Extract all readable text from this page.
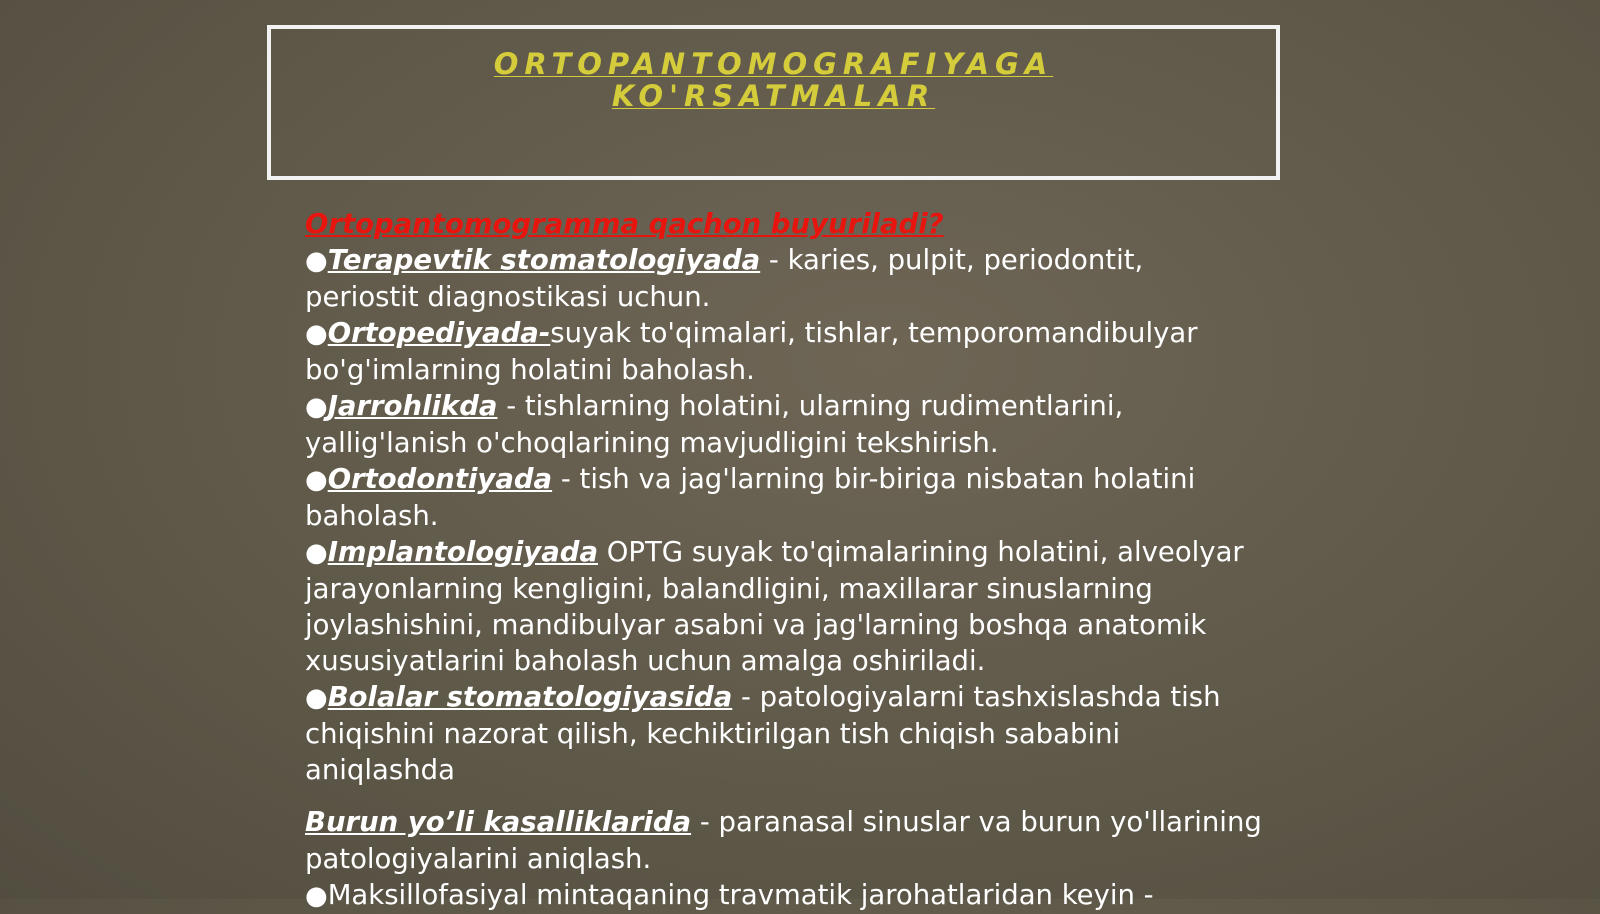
ORTOPANTOMOGRAFIYAGA
KO'RSATMALAR
Ortopantomogramma qachon buyuriladi?
●Terapevtik stomatologiyada - karies, pulpit, periodontit, periostit diagnostikasi uchun.
●Ortopediyada-suyak to'qimalari, tishlar, temporomandibulyar bo'g'imlarning holatini baholash.
●Jarrohlikda - tishlarning holatini, ularning rudimentlarini, yallig'lanish o'choqlarining mavjudligini tekshirish.
●Ortodontiyada - tish va jag'larning bir-biriga nisbatan holatini baholash.
●Implantologiyada OPTG suyak to'qimalarining holatini, alveolyar jarayonlarning kengligini, balandligini, maxillarar sinuslarning joylashishini, mandibulyar asabni va jag'larning boshqa anatomik xususiyatlarini baholash uchun amalga oshiriladi.
●Bolalar stomatologiyasida - patologiyalarni tashxislashda tish chiqishini nazorat qilish, kechiktirilgan tish chiqish sababini aniqlashda
Burun yo’li kasalliklarida - paranasal sinuslar va burun yo'llarining patologiyalarini aniqlash.
●Maksillofasiyal mintaqaning travmatik jarohatlaridan keyin -
